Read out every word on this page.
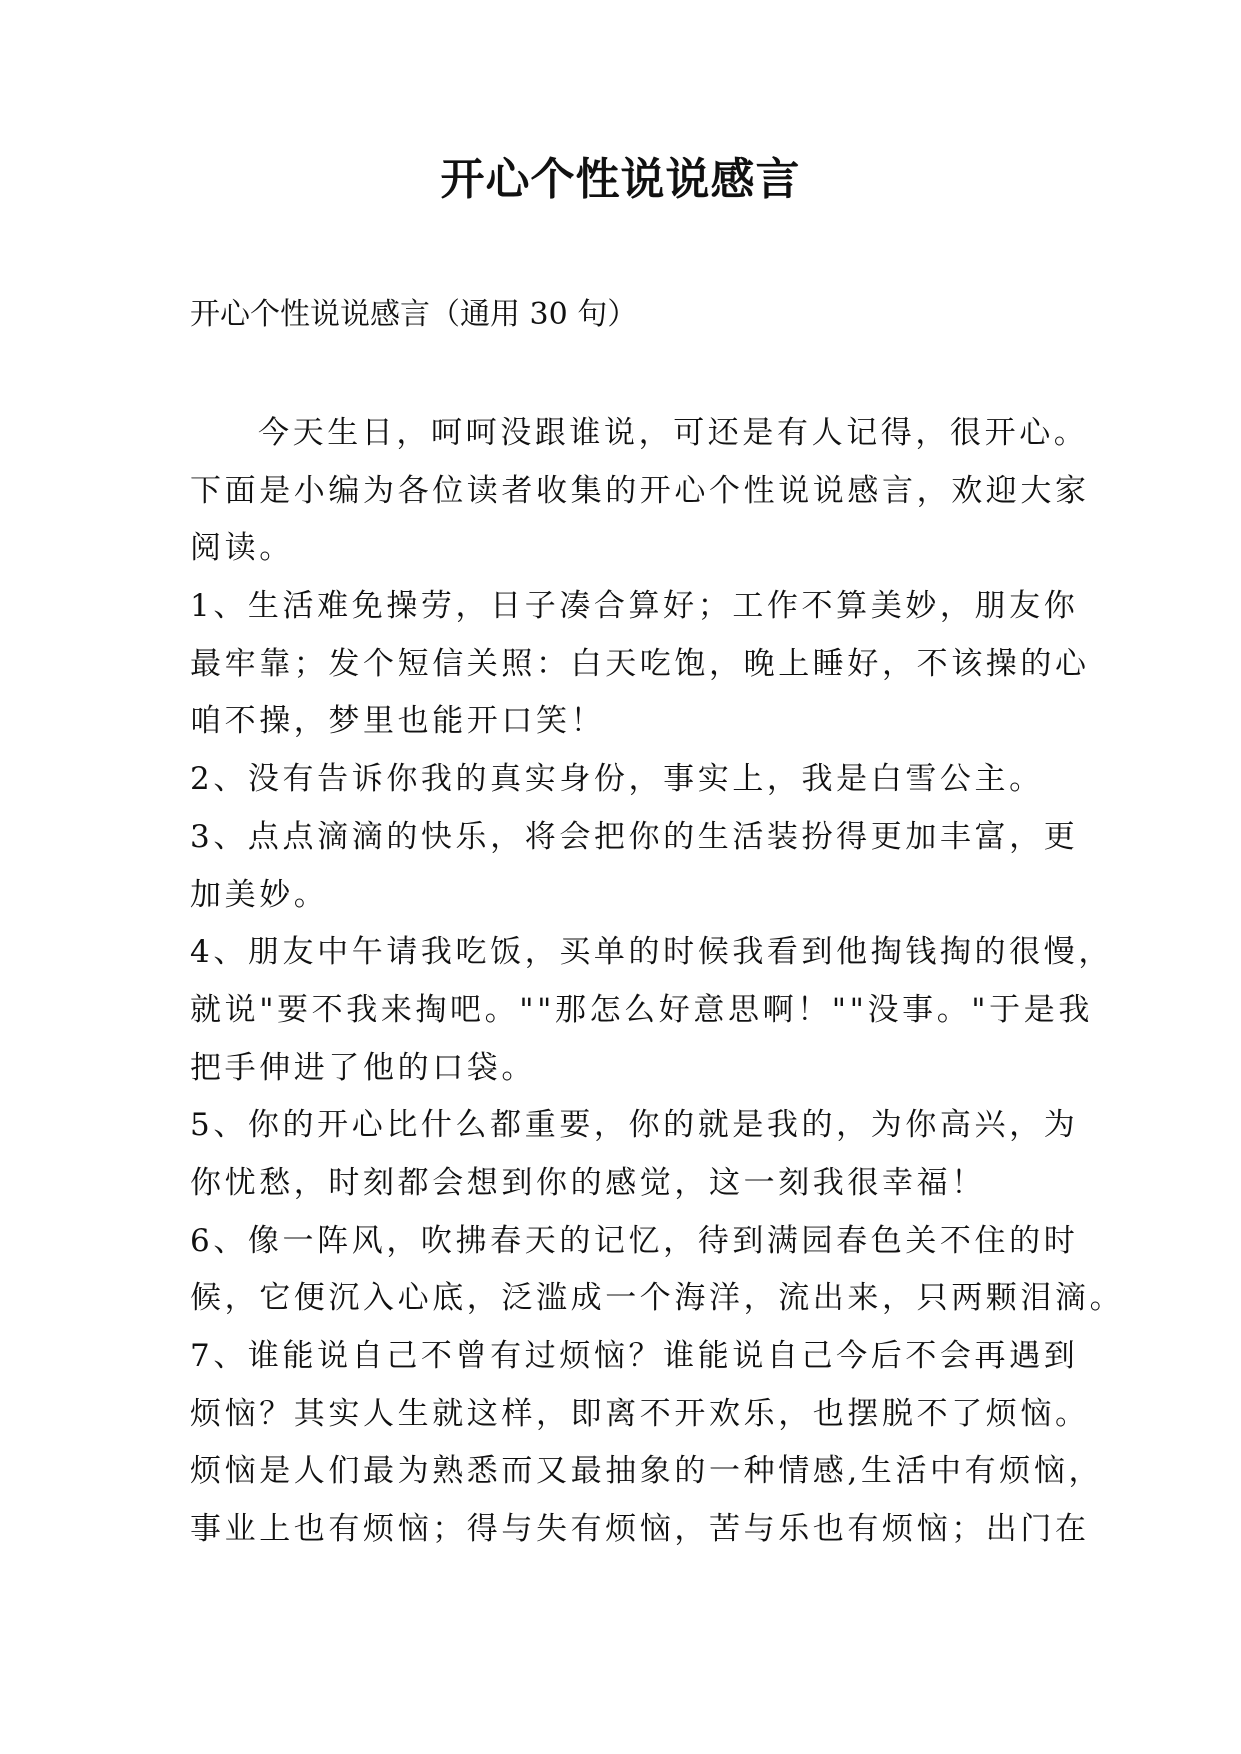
开心个性说说感言

开心个性说说感言（通用 30 句）

今天生日，呵呵没跟谁说，可还是有人记得，很开心。
下面是小编为各位读者收集的开心个性说说感言，欢迎大家
阅读。
1、生活难免操劳，日子凑合算好；工作不算美妙，朋友你
最牢靠；发个短信关照：白天吃饱，晚上睡好，不该操的心
咱不操，梦里也能开口笑！
2、没有告诉你我的真实身份，事实上，我是白雪公主。
3、点点滴滴的快乐，将会把你的生活装扮得更加丰富，更
加美妙。
4、朋友中午请我吃饭，买单的时候我看到他掏钱掏的很慢，
就说"要不我来掏吧。""那怎么好意思啊！""没事。"于是我
把手伸进了他的口袋。
5、你的开心比什么都重要，你的就是我的，为你高兴，为
你忧愁，时刻都会想到你的感觉，这一刻我很幸福！
6、像一阵风，吹拂春天的记忆，待到满园春色关不住的时
候，它便沉入心底，泛滥成一个海洋，流出来，只两颗泪滴。
7、谁能说自己不曾有过烦恼？谁能说自己今后不会再遇到
烦恼？其实人生就这样，即离不开欢乐，也摆脱不了烦恼。
烦恼是人们最为熟悉而又最抽象的一种情感,生活中有烦恼，
事业上也有烦恼；得与失有烦恼，苦与乐也有烦恼；出门在
